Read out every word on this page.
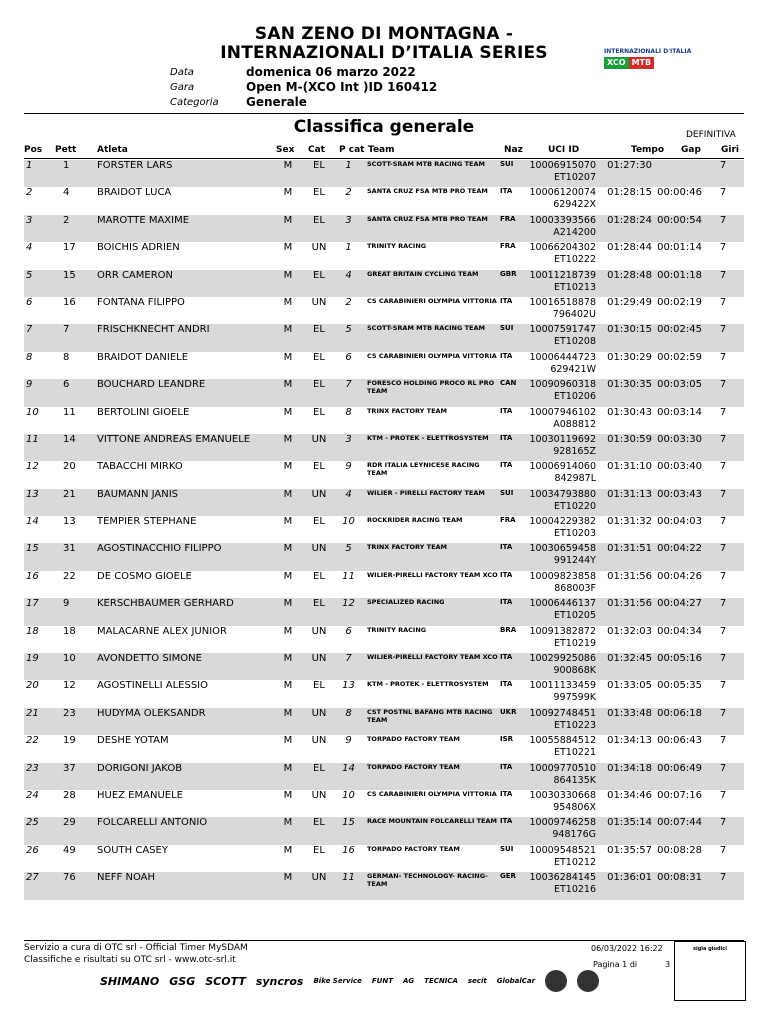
SAN ZENO DI MONTAGNA -
INTERNAZIONALI D’ITALIA SERIES
Data	domenica 06 marzo 2022
Gara	Open M-(XCO Int )ID 160412
Categoria Generale
INTERNAZIONALI D'ITALIA
XCO MTB
Classifica generale	DEFINITIVA
Pos Pett Atleta	Sex Cat P cat Team	Naz	UCI ID	Tempo Gap Giri
1	1	FORSTER LARS	M	EL	1		SCOTT-SRAM MTB RACING TEAM	SUI	10006915070
ET10207	01:27:30		7
2	4	BRAIDOT LUCA	M	EL	2		SANTA CRUZ FSA MTB PRO TEAM	ITA	10006120074
629422X	01:28:15	00:00:46	7
3	2	MAROTTE MAXIME	M	EL	3		SANTA CRUZ FSA MTB PRO TEAM	FRA	10003393566
A214200	01:28:24	00:00:54	7
4	17	BOICHIS ADRIEN	M	UN	1		TRINITY RACING	FRA	10066204302
ET10222	01:28:44	00:01:14	7
5	15	ORR CAMERON	M	EL	4		GREAT BRITAIN CYCLING TEAM	GBR	10011218739
ET10213	01:28:48	00:01:18	7
6	16	FONTANA FILIPPO	M	UN	2		CS CARABINIERI OLYMPIA VITTORIA	ITA	10016518878
796402U	01:29:49	00:02:19	7
7	7	FRISCHKNECHT ANDRI	M	EL	5		SCOTT-SRAM MTB RACING TEAM	SUI	10007591747
ET10208	01:30:15	00:02:45	7
8	8	BRAIDOT DANIELE	M	EL	6		CS CARABINIERI OLYMPIA VITTORIA	ITA	10006444723
629421W	01:30:29	00:02:59	7
9	6	BOUCHARD LEANDRE	M	EL	7		FORESCO HOLDING PROCO RL PRO TEAM	CAN	10090960318
ET10206	01:30:35	00:03:05	7
10	11	BERTOLINI GIOELE	M	EL	8		TRINX FACTORY TEAM	ITA	10007946102
A088812	01:30:43	00:03:14	7
11	14	VITTONE ANDREAS EMANUELE	M	UN	3		KTM - PROTEK - ELETTROSYSTEM	ITA	10030119692
928165Z	01:30:59	00:03:30	7
12	20	TABACCHI MIRKO	M	EL	9		RDR ITALIA LEYNICESE RACING TEAM	ITA	10006914060
842987L	01:31:10	00:03:40	7
13	21	BAUMANN JANIS	M	UN	4		WILIER - PIRELLI FACTORY TEAM	SUI	10034793880
ET10220	01:31:13	00:03:43	7
14	13	TEMPIER STEPHANE	M	EL	10		ROCKRIDER RACING TEAM	FRA	10004229382
ET10203	01:31:32	00:04:03	7
15	31	AGOSTINACCHIO FILIPPO	M	UN	5		TRINX FACTORY TEAM	ITA	10030659458
991244Y	01:31:51	00:04:22	7
16	22	DE COSMO GIOELE	M	EL	11		WILIER-PIRELLI FACTORY TEAM XCO	ITA	10009823858
868003F	01:31:56	00:04:26	7
17	9	KERSCHBAUMER GERHARD	M	EL	12		SPECIALIZED RACING	ITA	10006446137
ET10205	01:31:56	00:04:27	7
18	18	MALACARNE ALEX JUNIOR	M	UN	6		TRINITY RACING	BRA	10091382872
ET10219	01:32:03	00:04:34	7
19	10	AVONDETTO SIMONE	M	UN	7		WILIER-PIRELLI FACTORY TEAM XCO	ITA	10029925086
900868K	01:32:45	00:05:16	7
20	12	AGOSTINELLI ALESSIO	M	EL	13		KTM - PROTEK - ELETTROSYSTEM	ITA	10011133459
997599K	01:33:05	00:05:35	7
21	23	HUDYMA OLEKSANDR	M	UN	8		CST POSTNL BAFANG MTB RACING TEAM	UKR	10092748451
ET10223	01:33:48	00:06:18	7
22	19	DESHE YOTAM	M	UN	9		TORPADO FACTORY TEAM	ISR	10055884512
ET10221	01:34:13	00:06:43	7
23	37	DORIGONI JAKOB	M	EL	14		TORPADO FACTORY TEAM	ITA	10009770510
864135K	01:34:18	00:06:49	7
24	28	HUEZ EMANUELE	M	UN	10		CS CARABINIERI OLYMPIA VITTORIA	ITA	10030330668
954806X	01:34:46	00:07:16	7
25	29	FOLCARELLI ANTONIO	M	EL	15		RACE MOUNTAIN FOLCARELLI TEAM	ITA	10009746258
948176G	01:35:14	00:07:44	7
26	49	SOUTH CASEY	M	EL	16		TORPADO FACTORY TEAM	SUI	10009548521
ET10212	01:35:57	00:08:28	7
27	76	NEFF NOAH	M	UN	11		GERMAN- TECHNOLOGY- RACING-TEAM	GER	10036284145
ET10216	01:36:01	00:08:31	7
Servizio a cura di OTC srl - Official Timer MySDAM
Classifiche e risultati su OTC srl - www.otc-srl.it
06/03/2022 16:22
Pagina 1 di	3
sigla giudici
SHIMANO GSG SCOTT syncros Bike Service FUNT AG TECNICA secit GlobalCar
